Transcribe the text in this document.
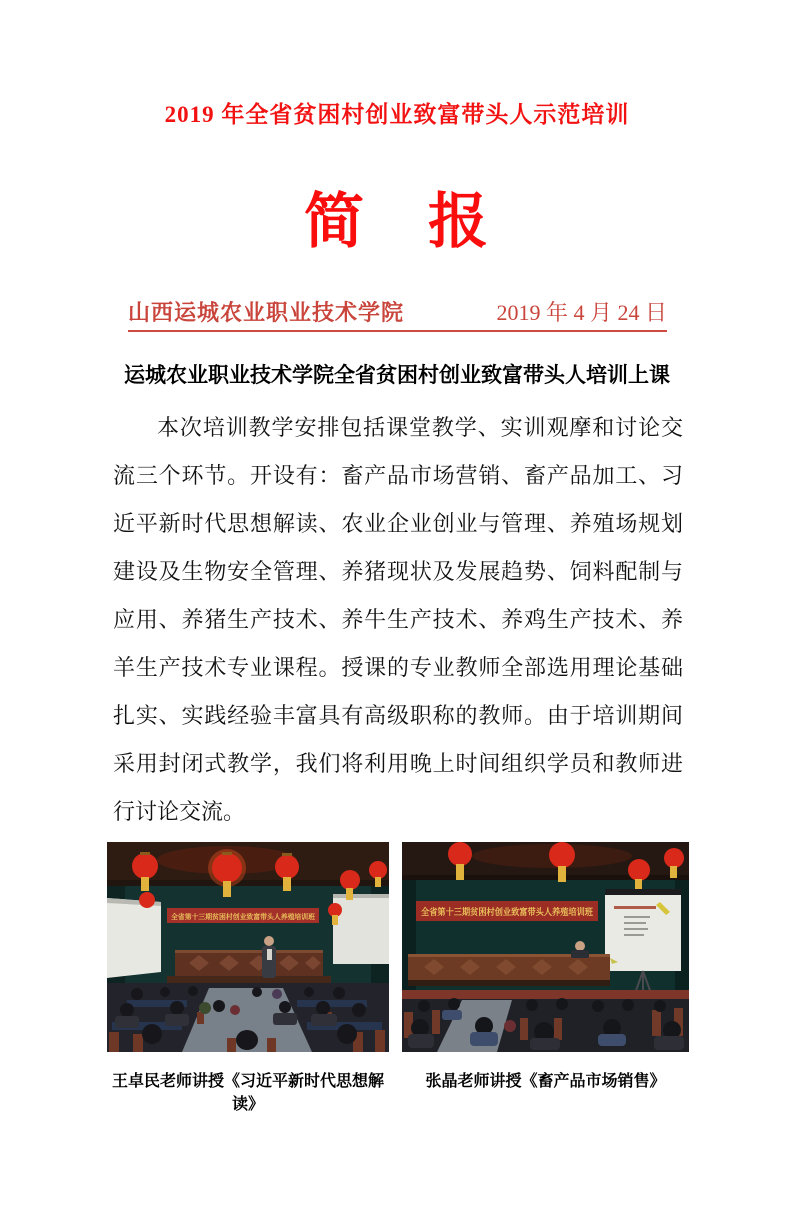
2019 年全省贫困村创业致富带头人示范培训
简　报
山西运城农业职业技术学院	2019 年 4 月 24 日
运城农业职业技术学院全省贫困村创业致富带头人培训上课

本次培训教学安排包括课堂教学、实训观摩和讨论交流三个环节。开设有：畜产品市场营销、畜产品加工、习近平新时代思想解读、农业企业创业与管理、养殖场规划建设及生物安全管理、养猪现状及发展趋势、饲料配制与应用、养猪生产技术、养牛生产技术、养鸡生产技术、养羊生产技术专业课程。授课的专业教师全部选用理论基础扎实、实践经验丰富具有高级职称的教师。由于培训期间采用封闭式教学，我们将利用晚上时间组织学员和教师进行讨论交流。

全省第十三期贫困村创业致富带头人养殖培训班
全省第十三期贫困村创业致富带头人养殖培训班
王卓民老师讲授《习近平新时代思想解读》
张晶老师讲授《畜产品市场销售》
